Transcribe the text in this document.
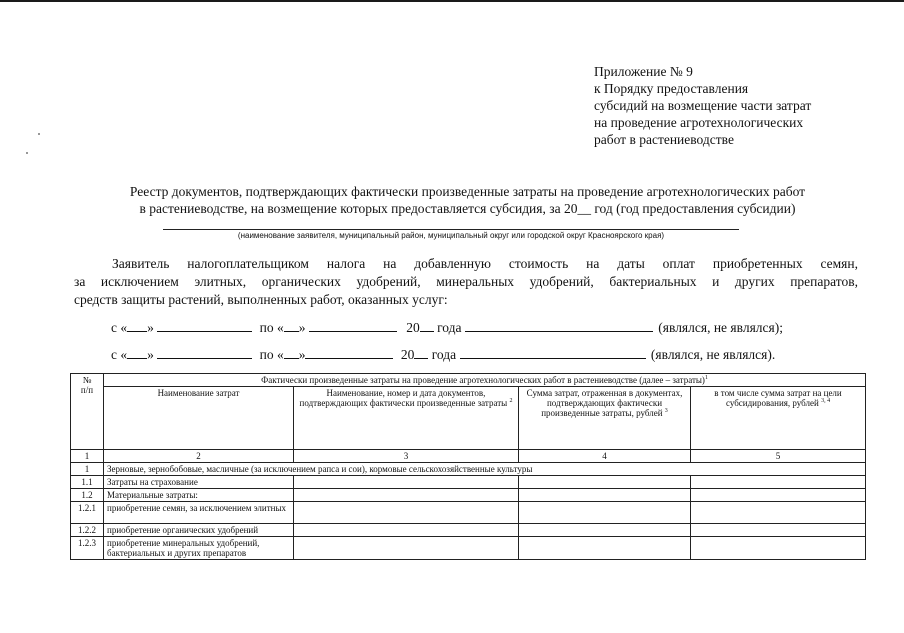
Приложение № 9
к Порядку предоставления
субсидий на возмещение части затрат
на проведение агротехнологических
работ в растениеводстве
Реестр документов, подтверждающих фактически произведенные затраты на проведение агротехнологических работ
в растениеводстве, на возмещение которых предоставляется субсидия, за 20__ год (год предоставления субсидии)
(наименование заявителя, муниципальный район, муниципальный округ или городской округ Красноярского края)
Заявитель налогоплательщиком налога на добавленную стоимость на даты оплат приобретенных семян,
за исключением элитных, органических удобрений, минеральных удобрений, бактериальных и других препаратов,
средств защиты растений, выполненных работ, оказанных услуг:
с « »	по « »	20 года	(являлся, не являлся);
с « »	по « »	20 года	(являлся, не являлся).
№
п/п	Фактически произведенные затраты на проведение агротехнологических работ в растениеводстве (далее – затраты)$^1$
	Наименование затрат	Наименование, номер и дата документов, подтверждающих фактически произведенные затраты $^2$	Сумма затрат, отраженная в документах, подтверждающих фактически произведенные затраты, рублей $^3$	в том числе сумма затрат на цели субсидирования, рублей $^{3, 4}$
1	2	3	4	5
1	Зерновые, зернобобовые, масличные (за исключением рапса и сои), кормовые сельскохозяйственные культуры			
1.1	Затраты на страхование			
1.2	Материальные затраты:			
1.2.1	приобретение семян, за исключением элитных			
1.2.2	приобретение органических удобрений			
1.2.3	приобретение минеральных удобрений, бактериальных и других препаратов			
